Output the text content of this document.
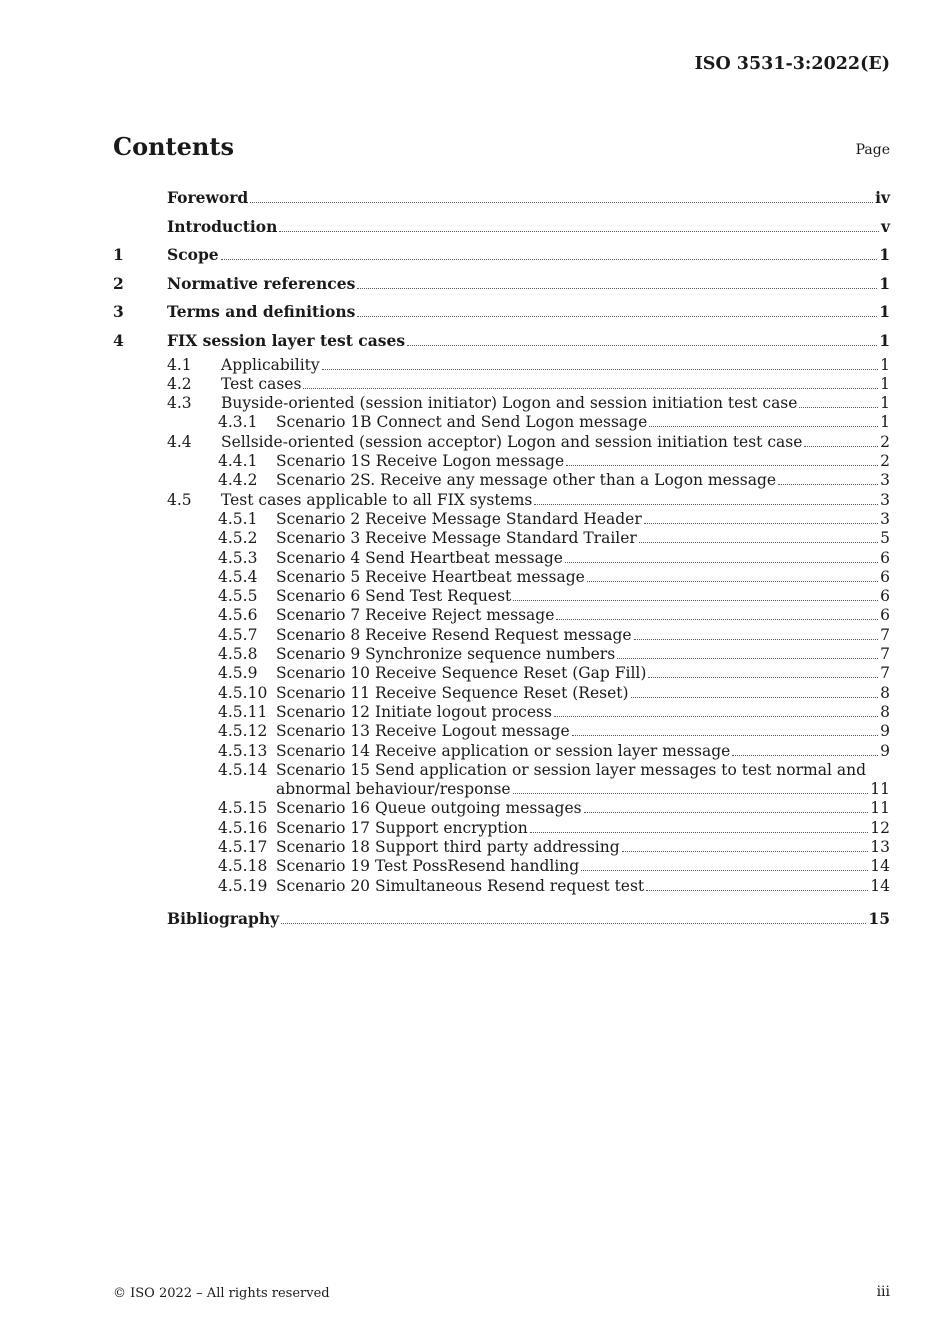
ISO 3531-3:2022(E)
Contents	Page
Foreword	iv
Introduction	v
1	Scope	1
2	Normative references	1
3	Terms and definitions	1
4	FIX session layer test cases	1
4.1	Applicability	1
4.2	Test cases	1
4.3	Buyside-oriented (session initiator) Logon and session initiation test case	1
4.3.1	Scenario 1B Connect and Send Logon message	1
4.4	Sellside-oriented (session acceptor) Logon and session initiation test case	2
4.4.1	Scenario 1S Receive Logon message	2
4.4.2	Scenario 2S. Receive any message other than a Logon message	3
4.5	Test cases applicable to all FIX systems	3
4.5.1	Scenario 2 Receive Message Standard Header	3
4.5.2	Scenario 3 Receive Message Standard Trailer	5
4.5.3	Scenario 4 Send Heartbeat message	6
4.5.4	Scenario 5 Receive Heartbeat message	6
4.5.5	Scenario 6 Send Test Request	6
4.5.6	Scenario 7 Receive Reject message	6
4.5.7	Scenario 8 Receive Resend Request message	7
4.5.8	Scenario 9 Synchronize sequence numbers	7
4.5.9	Scenario 10 Receive Sequence Reset (Gap Fill)	7
4.5.10 Scenario 11 Receive Sequence Reset (Reset)	8
4.5.11 Scenario 12 Initiate logout process	8
4.5.12 Scenario 13 Receive Logout message	9
4.5.13 Scenario 14 Receive application or session layer message	9
4.5.14 Scenario 15 Send application or session layer messages to test normal and
abnormal behaviour/response	11
4.5.15 Scenario 16 Queue outgoing messages	11
4.5.16 Scenario 17 Support encryption	12
4.5.17 Scenario 18 Support third party addressing	13
4.5.18 Scenario 19 Test PossResend handling	14
4.5.19 Scenario 20 Simultaneous Resend request test	14
Bibliography	15
© ISO 2022 – All rights reserved	iii
